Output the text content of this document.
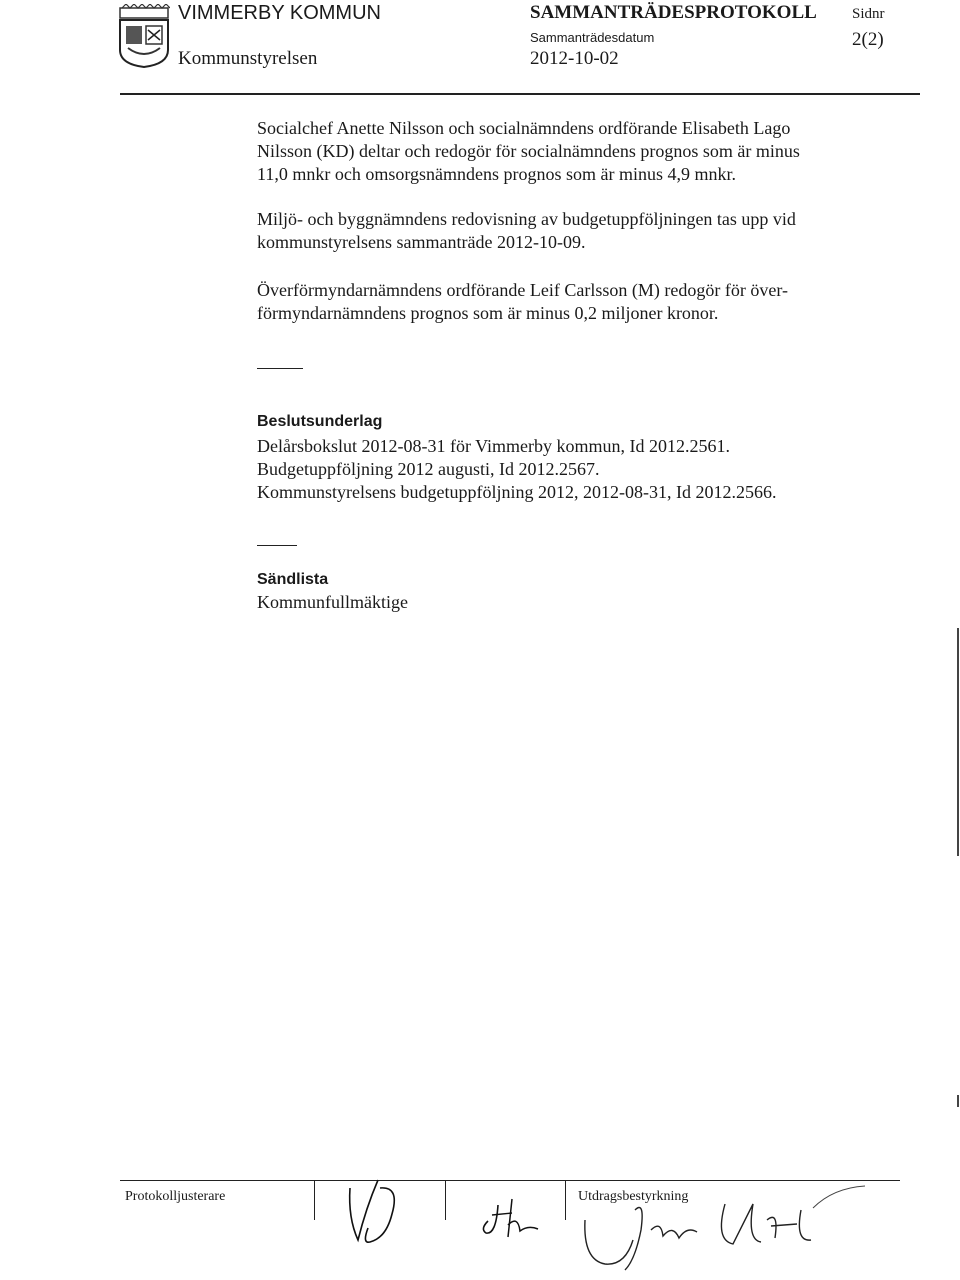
VIMMERBY KOMMUN
Kommunstyrelsen
SAMMANTRÄDESPROTOKOLL
Sammanträdesdatum
2012-10-02
Sidnr
2(2)
Socialchef Anette Nilsson och socialnämndens ordförande Elisabeth Lago
Nilsson (KD) deltar och redogör för socialnämndens prognos som är minus
11,0 mnkr och omsorgsnämndens prognos som är minus 4,9 mnkr.
Miljö- och byggnämndens redovisning av budgetuppföljningen tas upp vid
kommunstyrelsens sammanträde 2012-10-09.
Överförmyndarnämndens ordförande Leif Carlsson (M) redogör för över-
förmyndarnämndens prognos som är minus 0,2 miljoner kronor.
Beslutsunderlag
Delårsbokslut 2012-08-31 för Vimmerby kommun, Id 2012.2561.
Budgetuppföljning 2012 augusti, Id 2012.2567.
Kommunstyrelsens budgetuppföljning 2012, 2012-08-31, Id 2012.2566.
Sändlista
Kommunfullmäktige
Protokolljusterare	Utdragsbestyrkning
